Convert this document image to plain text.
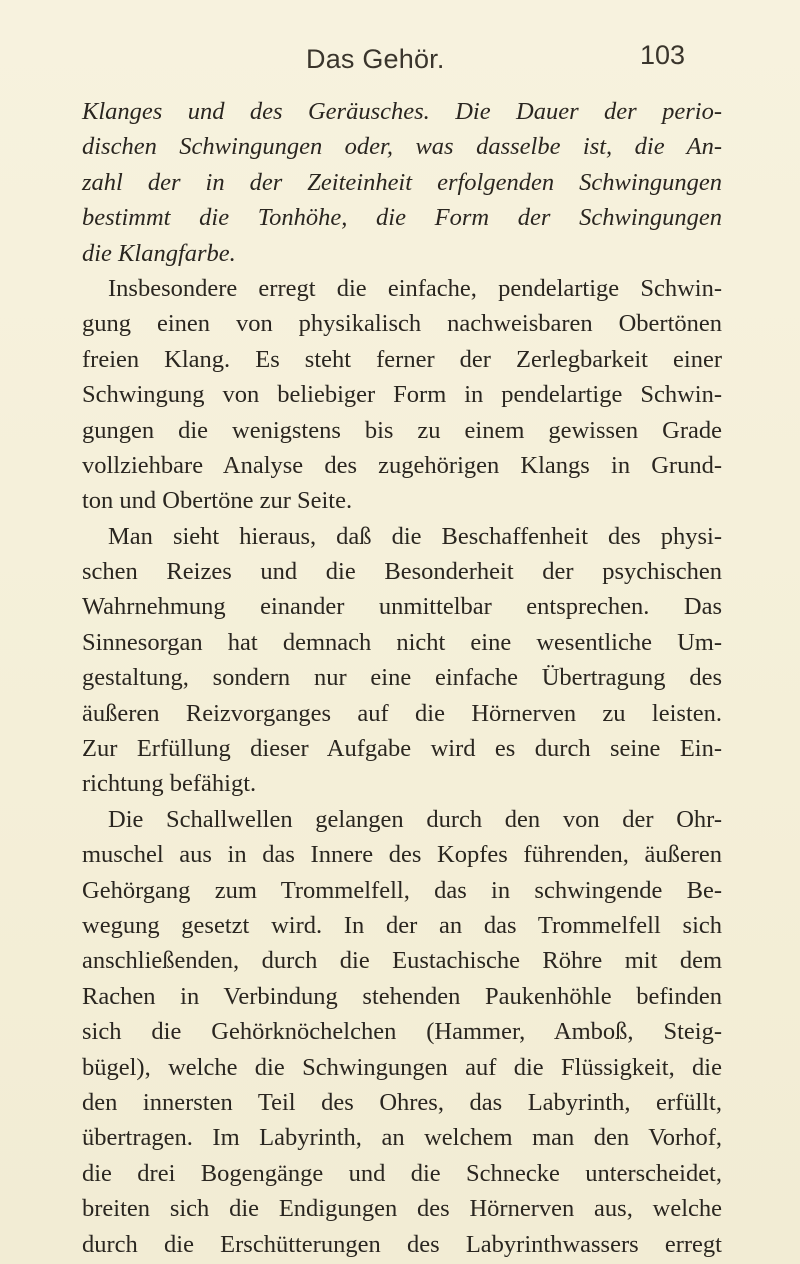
Das Gehör.	103
Klanges und des Geräusches. Die Dauer der perio-
dischen Schwingungen oder, was dasselbe ist, die An-
zahl der in der Zeiteinheit erfolgenden Schwingungen
bestimmt die Tonhöhe, die Form der Schwingungen
die Klangfarbe.
Insbesondere erregt die einfache, pendelartige Schwin-
gung einen von physikalisch nachweisbaren Obertönen
freien Klang. Es steht ferner der Zerlegbarkeit einer
Schwingung von beliebiger Form in pendelartige Schwin-
gungen die wenigstens bis zu einem gewissen Grade
vollziehbare Analyse des zugehörigen Klangs in Grund-
ton und Obertöne zur Seite.
Man sieht hieraus, daß die Beschaffenheit des physi-
schen Reizes und die Besonderheit der psychischen
Wahrnehmung einander unmittelbar entsprechen. Das
Sinnesorgan hat demnach nicht eine wesentliche Um-
gestaltung, sondern nur eine einfache Übertragung des
äußeren Reizvorganges auf die Hörnerven zu leisten.
Zur Erfüllung dieser Aufgabe wird es durch seine Ein-
richtung befähigt.
Die Schallwellen gelangen durch den von der Ohr-
muschel aus in das Innere des Kopfes führenden, äußeren
Gehörgang zum Trommelfell, das in schwingende Be-
wegung gesetzt wird. In der an das Trommelfell sich
anschließenden, durch die Eustachische Röhre mit dem
Rachen in Verbindung stehenden Paukenhöhle befinden
sich die Gehörknöchelchen (Hammer, Amboß, Steig-
bügel), welche die Schwingungen auf die Flüssigkeit, die
den innersten Teil des Ohres, das Labyrinth, erfüllt,
übertragen. Im Labyrinth, an welchem man den Vorhof,
die drei Bogengänge und die Schnecke unterscheidet,
breiten sich die Endigungen des Hörnerven aus, welche
durch die Erschütterungen des Labyrinthwassers erregt
